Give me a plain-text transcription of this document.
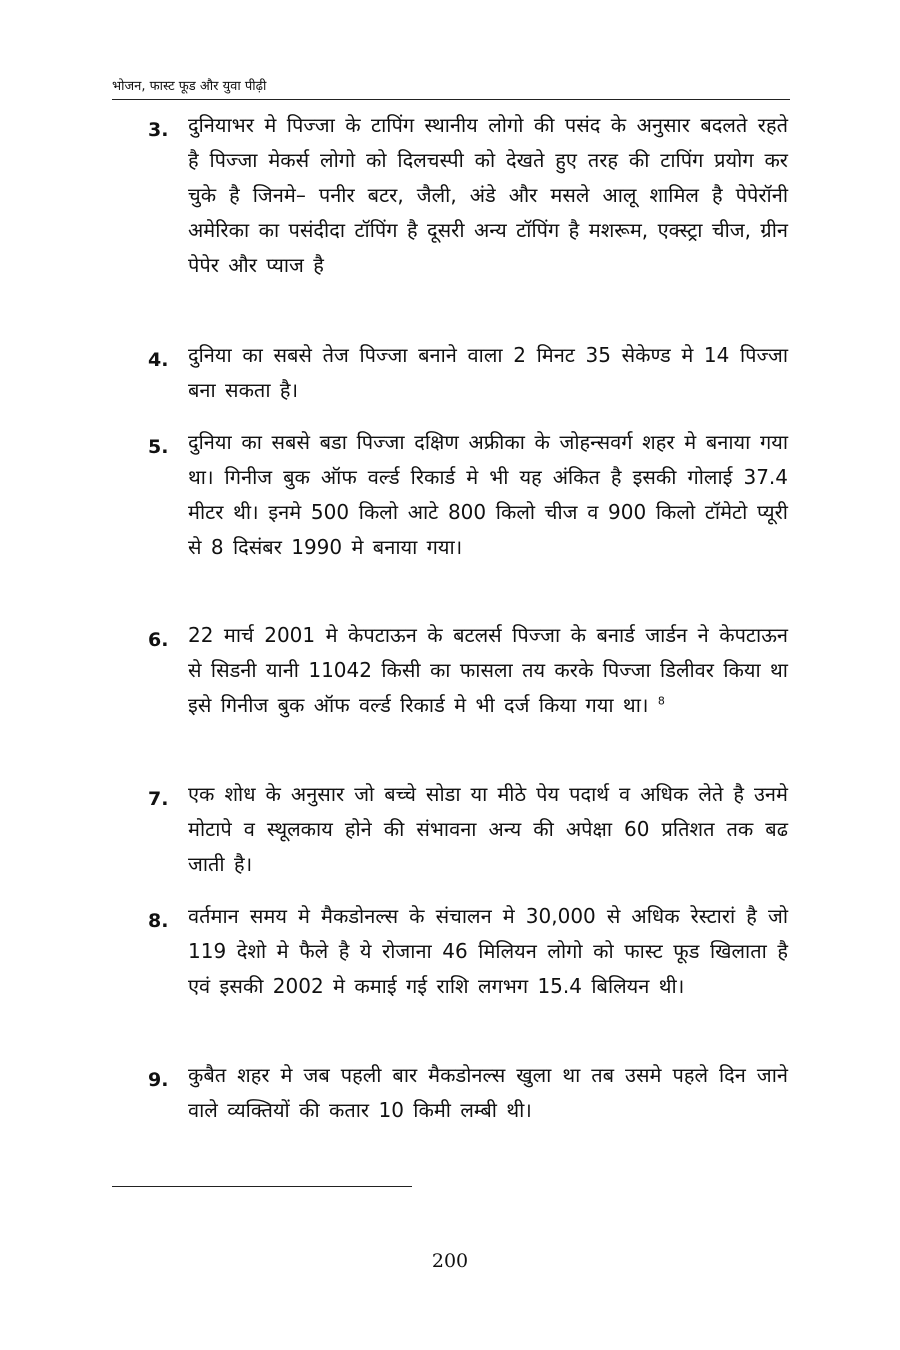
भोजन, फास्ट फूड और युवा पीढ़ी
3. दुनियाभर मे पिज्जा के टापिंग स्थानीय लोगो की पसंद के अनुसार बदलते रहते है पिज्जा मेकर्स लोगो को दिलचस्पी को देखते हुए तरह की टापिंग प्रयोग कर चुके है जिनमे– पनीर बटर, जैली, अंडे और मसले आलू शामिल है पेपेरॉनी अमेरिका का पसंदीदा टॉपिंग है दूसरी अन्य टॉपिंग है मशरूम, एक्स्ट्रा चीज, ग्रीन पेपेर और प्याज है
4. दुनिया का सबसे तेज पिज्जा बनाने वाला 2 मिनट 35 सेकेण्ड मे 14 पिज्जा बना सकता है।
5. दुनिया का सबसे बडा पिज्जा दक्षिण अफ्रीका के जोहन्सवर्ग शहर मे बनाया गया था। गिनीज बुक ऑफ वर्ल्ड रिकार्ड मे भी यह अंकित है इसकी गोलाई 37.4 मीटर थी। इनमे 500 किलो आटे 800 किलो चीज व 900 किलो टॉमेटो प्यूरी से 8 दिसंबर 1990 मे बनाया गया।
6. 22 मार्च 2001 मे केपटाऊन के बटलर्स पिज्जा के बनार्ड जार्डन ने केपटाऊन से सिडनी यानी 11042 किसी का फासला तय करके पिज्जा डिलीवर किया था इसे गिनीज बुक ऑफ वर्ल्ड रिकार्ड मे भी दर्ज किया गया था। $^8$
7. एक शोध के अनुसार जो बच्चे सोडा या मीठे पेय पदार्थ व अधिक लेते है उनमे मोटापे व स्थूलकाय होने की संभावना अन्य की अपेक्षा 60 प्रतिशत तक बढ जाती है।
8. वर्तमान समय मे मैकडोनल्स के संचालन मे 30,000 से अधिक रेस्टारां है जो 119 देशो मे फैले है ये रोजाना 46 मिलियन लोगो को फास्ट फूड खिलाता है एवं इसकी 2002 मे कमाई गई राशि लगभग 15.4 बिलियन थी।
9. कुबैत शहर मे जब पहली बार मैकडोनल्स खुला था तब उसमे पहले दिन जाने वाले व्यक्तियों की कतार 10 किमी लम्बी थी।
200
